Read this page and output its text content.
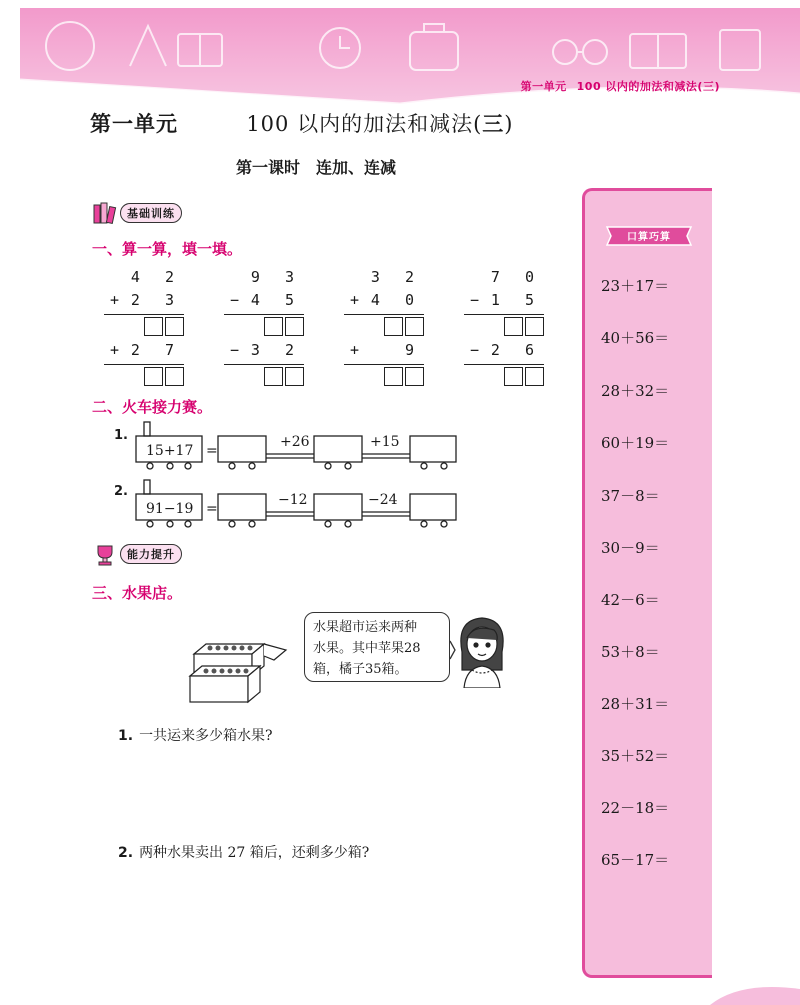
第一单元 100 以内的加法和减法(三)
第一单元	100 以内的加法和减法(三)
第一课时　连加、连减
基础训练
一、算一算，填一填。
4 2
+ 2 3
+ 2 7
9 3
− 4 5
− 3 2
3 2
+ 4 0
+	9
7 0
− 1 5
− 2 6
二、火车接力赛。
1.
15+17 =
+26	+15
2.
91−19 =
−12	−24
能力提升
三、水果店。
水果超市运来两种
水果。其中苹果28
箱，橘子35箱。
1. 一共运来多少箱水果?
2. 两种水果卖出 27 箱后，还剩多少箱?
口算巧算
23＋17＝
40＋56＝
28＋32＝
60＋19＝
37－8＝
30－9＝
42－6＝
53＋8＝
28＋31＝
35＋52＝
22－18＝
65－17＝
